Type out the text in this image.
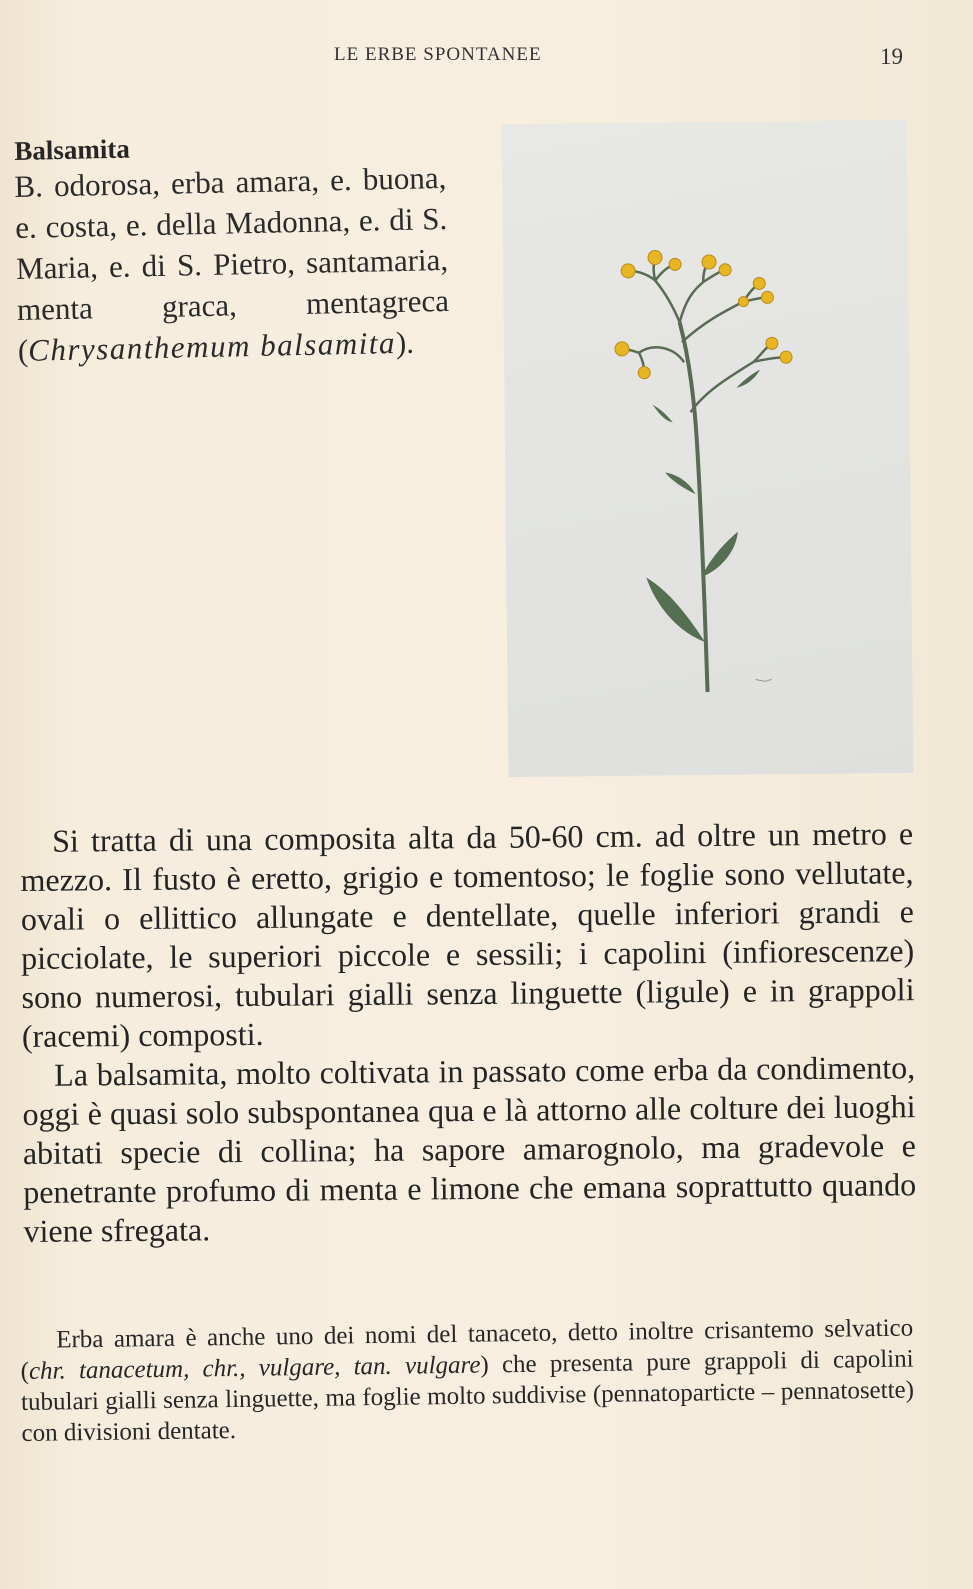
LE ERBE SPONTANEE	19
Balsamita

B. odorosa, erba amara, e. buona, e. costa, e. della Madonna, e. di S. Maria, e. di S. Pietro, santamaria, menta graca, mentagreca (Chrysanthemum balsamita).

Si tratta di una composita alta da 50-60 cm. ad oltre un metro e mezzo. Il fusto è eretto, grigio e tomentoso; le foglie sono vellutate, ovali o ellittico allungate e dentellate, quelle inferiori grandi e picciolate, le superiori piccole e sessili; i capolini (infiorescenze) sono numerosi, tubulari gialli senza linguette (ligule) e in grappoli (racemi) composti.

La balsamita, molto coltivata in passato come erba da condimento, oggi è quasi solo subspontanea qua e là attorno alle colture dei luoghi abitati specie di collina; ha sapore amarognolo, ma gradevole e penetrante profumo di menta e limone che emana soprattutto quando viene sfregata.

Erba amara è anche uno dei nomi del tanaceto, detto inoltre crisantemo selvatico (chr. tanacetum, chr., vulgare, tan. vulgare) che presenta pure grappoli di capolini tubulari gialli senza linguette, ma foglie molto suddivise (pennatoparticte – pennatosette) con divisioni dentate.
